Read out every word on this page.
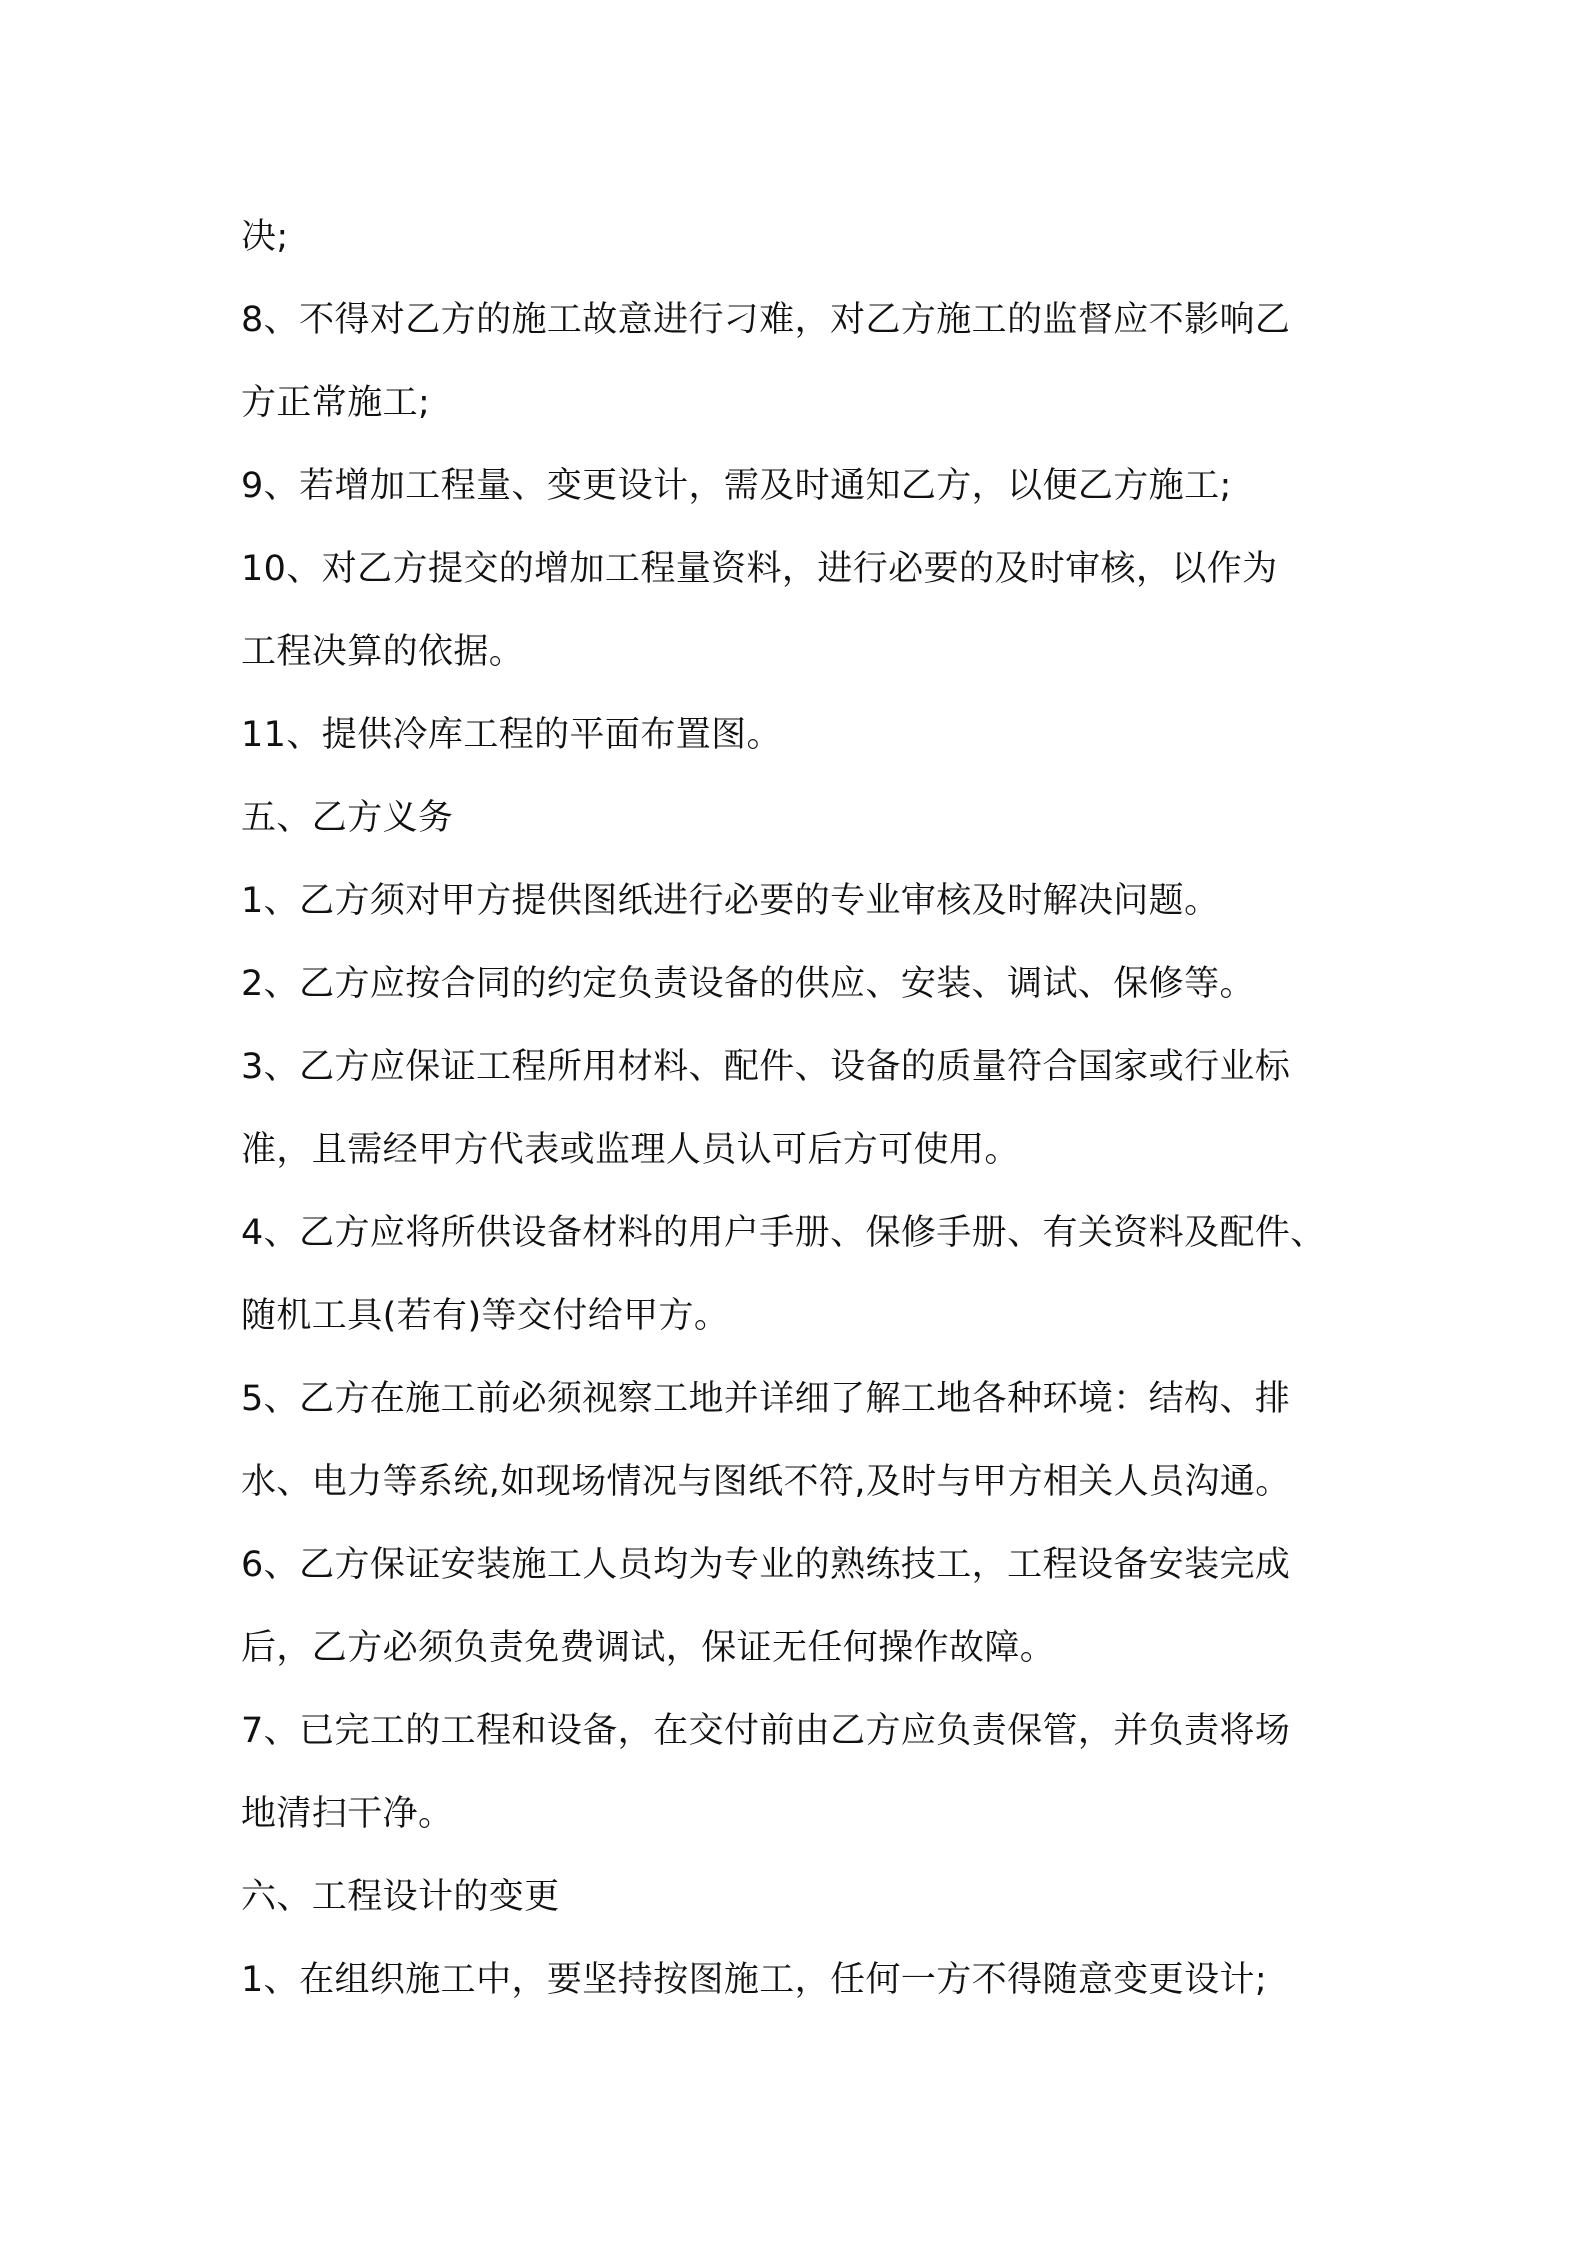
决;
8、不得对乙方的施工故意进行刁难，对乙方施工的监督应不影响乙
方正常施工;
9、若增加工程量、变更设计，需及时通知乙方，以便乙方施工;
10、对乙方提交的增加工程量资料，进行必要的及时审核，以作为
工程决算的依据。
11、提供冷库工程的平面布置图。
五、乙方义务
1、乙方须对甲方提供图纸进行必要的专业审核及时解决问题。
2、乙方应按合同的约定负责设备的供应、安装、调试、保修等。
3、乙方应保证工程所用材料、配件、设备的质量符合国家或行业标
准，且需经甲方代表或监理人员认可后方可使用。
4、乙方应将所供设备材料的用户手册、保修手册、有关资料及配件、
随机工具(若有)等交付给甲方。
5、乙方在施工前必须视察工地并详细了解工地各种环境：结构、排
水、电力等系统,如现场情况与图纸不符,及时与甲方相关人员沟通。
6、乙方保证安装施工人员均为专业的熟练技工，工程设备安装完成
后，乙方必须负责免费调试，保证无任何操作故障。
7、已完工的工程和设备，在交付前由乙方应负责保管，并负责将场
地清扫干净。
六、工程设计的变更
1、在组织施工中，要坚持按图施工，任何一方不得随意变更设计;
